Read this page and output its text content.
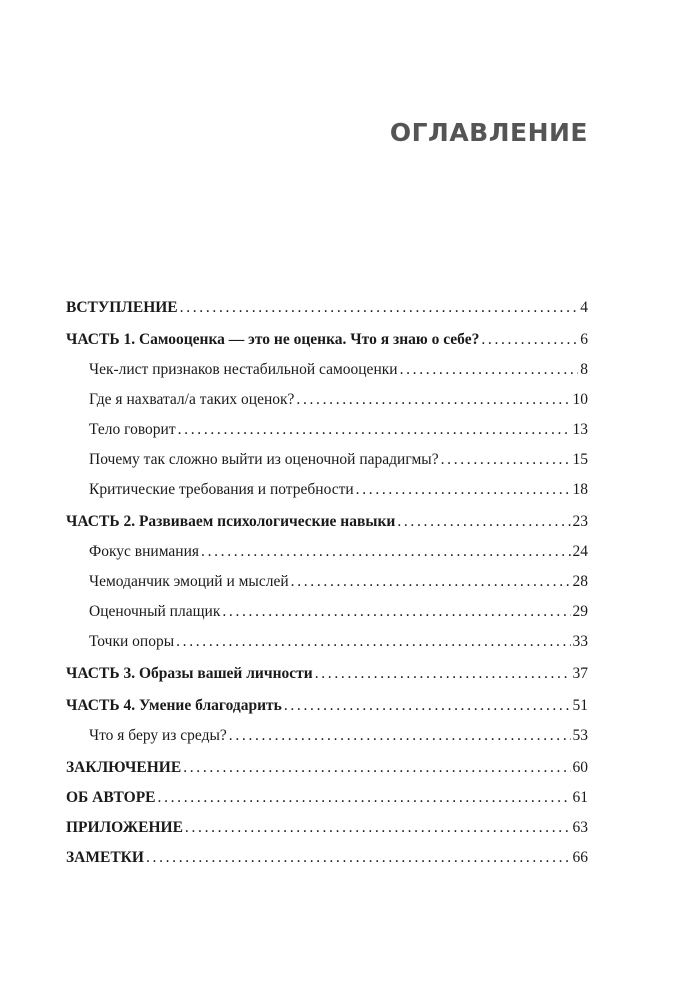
ОГЛАВЛЕНИЕ
ВСТУПЛЕНИЕ . . .	4
ЧАСТЬ 1. Самооценка — это не оценка. Что я знаю о себе? . . .	6
Чек-лист признаков нестабильной самооценки . . .	8
Где я нахватал/а таких оценок? . . .	10
Тело говорит . . .	13
Почему так сложно выйти из оценочной парадигмы? . . .	15
Критические требования и потребности . . .	18
ЧАСТЬ 2. Развиваем психологические навыки . . .	23
Фокус внимания . . .	24
Чемоданчик эмоций и мыслей . . .	28
Оценочный плащик . . .	29
Точки опоры . . .	33
ЧАСТЬ 3. Образы вашей личности . . .	37
ЧАСТЬ 4. Умение благодарить . . .	51
Что я беру из среды? . . .	53
ЗАКЛЮЧЕНИЕ . . .	60
ОБ АВТОРЕ . . .	61
ПРИЛОЖЕНИЕ . . .	63
ЗАМЕТКИ . . .	66
